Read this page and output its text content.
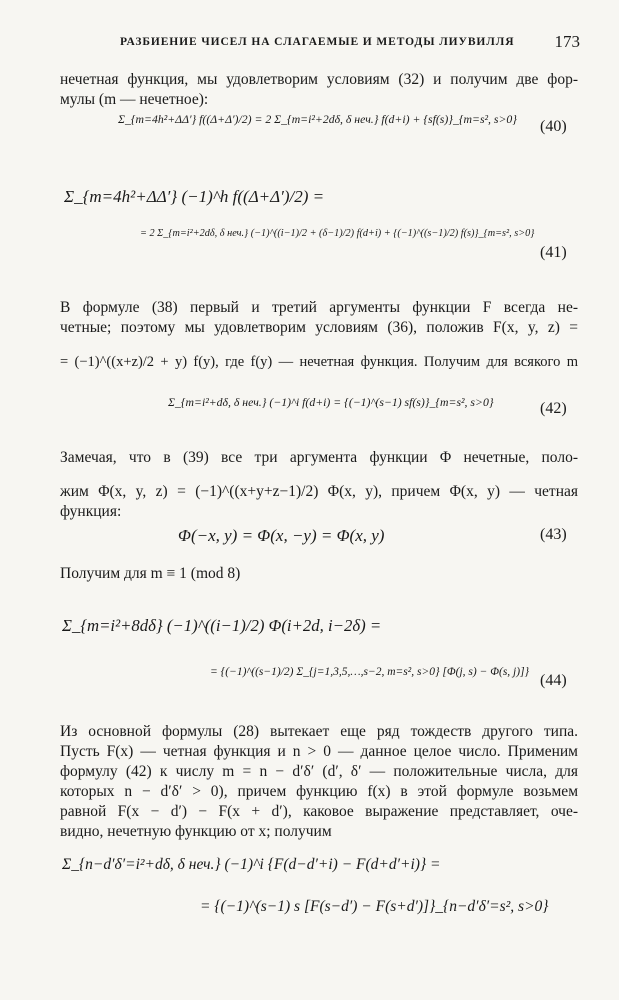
РАЗБИЕНИЕ ЧИСЕЛ НА СЛАГАЕМЫЕ И МЕТОДЫ ЛИУВИЛЛЯ 173
нечетная функция, мы удовлетворим условиям (32) и получим две фор-
мулы (m — нечетное):
Σ_{m=4h²+ΔΔ′} f((Δ+Δ′)/2) = 2 Σ_{m=i²+2dδ, δ неч.} f(d+i) + {sf(s)}_{m=s², s>0} (40)
Σ_{m=4h²+ΔΔ′} (−1)^h f((Δ+Δ′)/2) =
= 2 Σ_{m=i²+2dδ, δ неч.} (−1)^((i−1)/2 + (δ−1)/2) f(d+i) + {(−1)^((s−1)/2) f(s)}_{m=s², s>0}
(41)
В формуле (38) первый и третий аргументы функции F всегда не-
четные; поэтому мы удовлетворим условиям (36), положив F(x, y, z) =
= (−1)^((x+z)/2 + y) f(y), где f(y) — нечетная функция. Получим для всякого m
Σ_{m=i²+dδ, δ неч.} (−1)^i f(d+i) = {(−1)^(s−1) sf(s)}_{m=s², s>0}	(42)
Замечая, что в (39) все три аргумента функции Φ нечетные, поло-
жим Φ(x, y, z) = (−1)^((x+y+z−1)/2) Φ(x, y), причем Φ(x, y) — четная
функция:
Φ(−x, y) = Φ(x, −y) = Φ(x, y)	(43)
Получим для m ≡ 1 (mod 8)
Σ_{m=i²+8dδ} (−1)^((i−1)/2) Φ(i+2d, i−2δ) =
= {(−1)^((s−1)/2) Σ_{j=1,3,5,…,s−2, m=s², s>0} [Φ(j, s) − Φ(s, j)]} (44)
Из основной формулы (28) вытекает еще ряд тождеств другого типа.
Пусть F(x) — четная функция и n > 0 — данное целое число. Применим
формулу (42) к числу m = n − d′δ′ (d′, δ′ — положительные числа, для
которых n − d′δ′ > 0), причем функцию f(x) в этой формуле возьмем
равной F(x − d′) − F(x + d′), каковое выражение представляет, оче-
видно, нечетную функцию от x; получим
Σ_{n−d′δ′=i²+dδ, δ неч.} (−1)^i {F(d−d′+i) − F(d+d′+i)} =
= {(−1)^(s−1) s [F(s−d′) − F(s+d′)]}_{n−d′δ′=s², s>0}
